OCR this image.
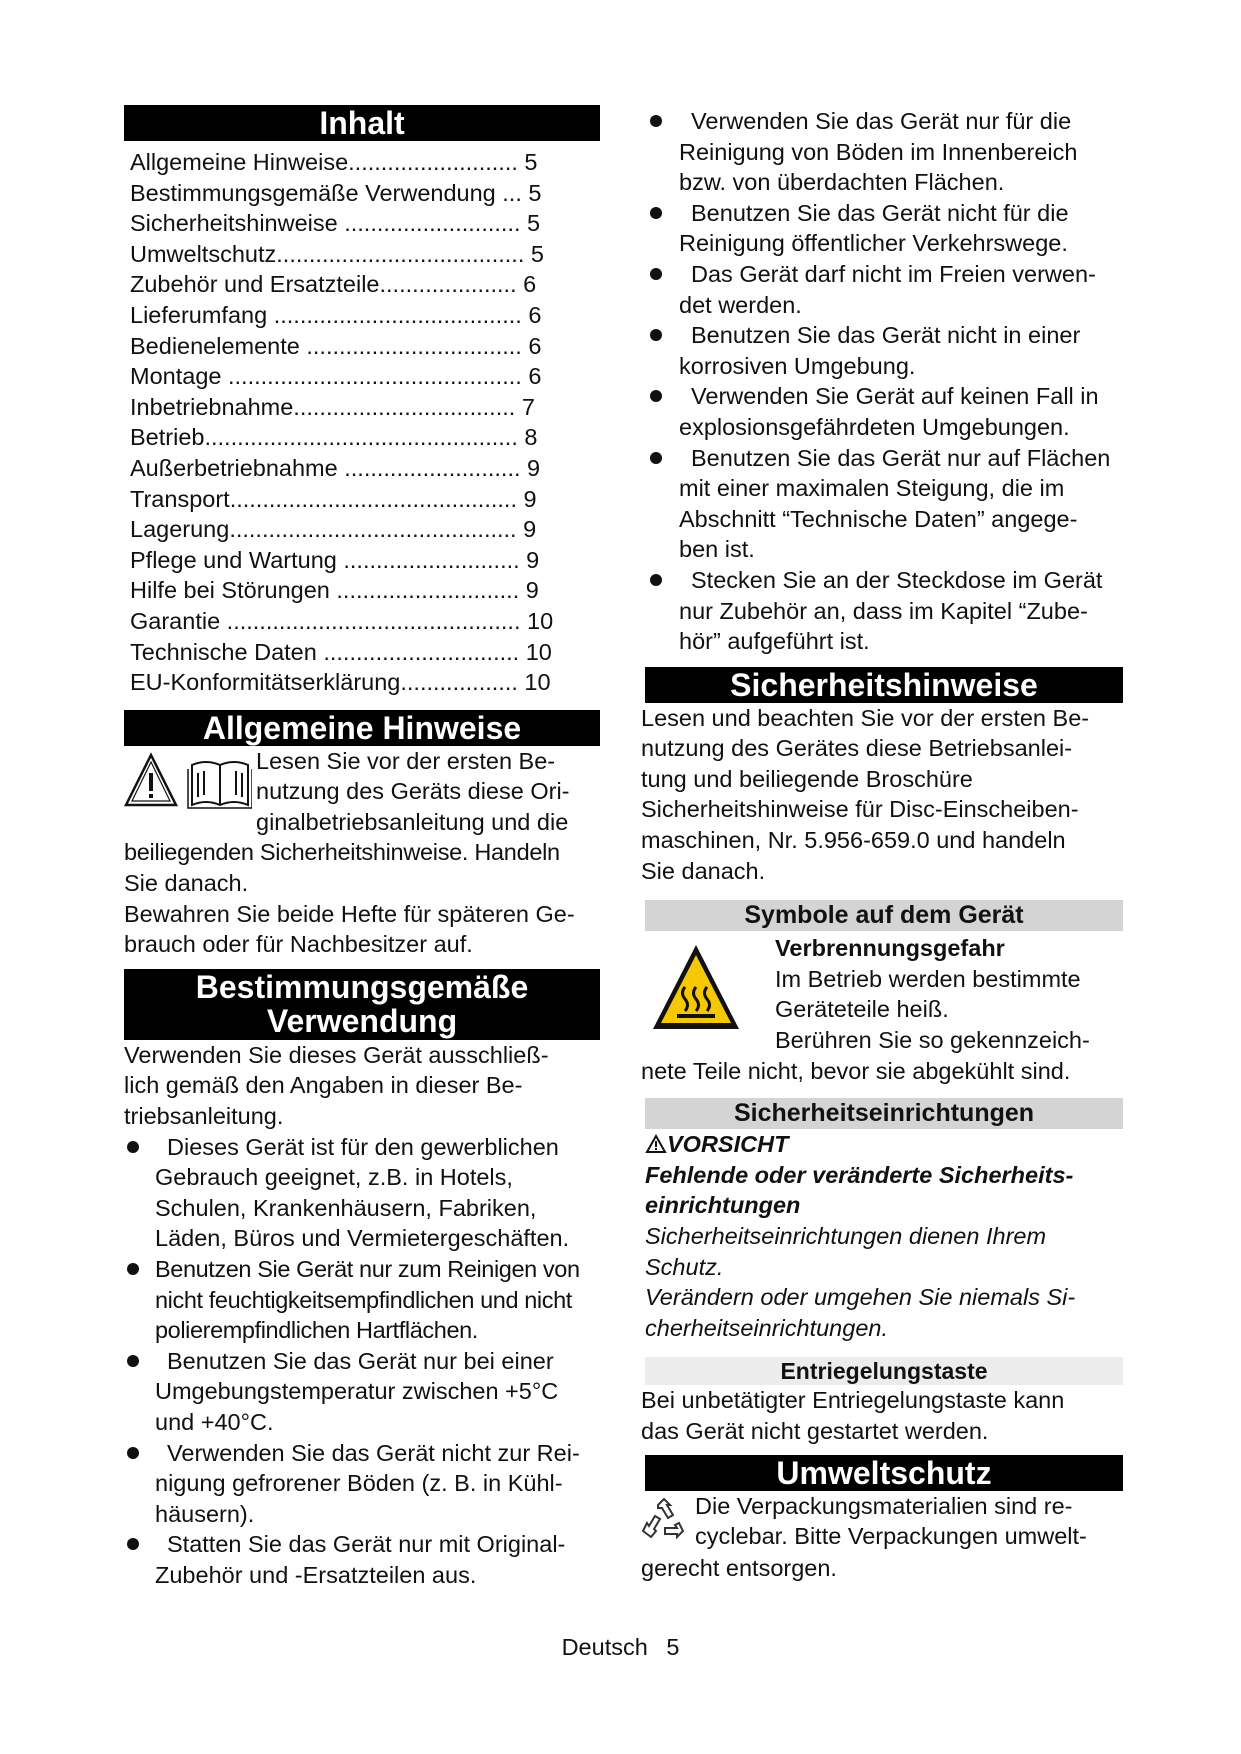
Inhalt
Allgemeine Hinweise.......................... 5
Bestimmungsgemäße Verwendung ... 5
Sicherheitshinweise ........................... 5
Umweltschutz...................................... 5
Zubehör und Ersatzteile..................... 6
Lieferumfang ...................................... 6
Bedienelemente ................................. 6
Montage ............................................. 6
Inbetriebnahme.................................. 7
Betrieb................................................ 8
Außerbetriebnahme ........................... 9
Transport............................................ 9
Lagerung............................................ 9
Pflege und Wartung ........................... 9
Hilfe bei Störungen ............................ 9
Garantie ............................................. 10
Technische Daten .............................. 10
EU-Konformitätserklärung.................. 10
Allgemeine Hinweise

Lesen Sie vor der ersten Be-

nutzung des Geräts diese Ori-

ginalbetriebsanleitung und die

beiliegenden Sicherheitshinweise. Handeln

Sie danach.

Bewahren Sie beide Hefte für späteren Ge-

brauch oder für Nachbesitzer auf.

Bestimmungsgemäße
Verwendung

Verwenden Sie dieses Gerät ausschließ-

lich gemäß den Angaben in dieser Be-

triebsanleitung.

Dieses Gerät ist für den gewerblichen
Gebrauch geeignet, z.B. in Hotels,
Schulen, Krankenhäusern, Fabriken,
Läden, Büros und Vermietergeschäften.
Benutzen Sie Gerät nur zum Reinigen von
nicht feuchtigkeitsempfindlichen und nicht
polierempfindlichen Hartflächen.
Benutzen Sie das Gerät nur bei einer
Umgebungstemperatur zwischen +5°C
und +40°C.
Verwenden Sie das Gerät nicht zur Rei-
nigung gefrorener Böden (z. B. in Kühl-
häusern).
Statten Sie das Gerät nur mit Original-
Zubehör und -Ersatzteilen aus.
Verwenden Sie das Gerät nur für die
Reinigung von Böden im Innenbereich
bzw. von überdachten Flächen.
Benutzen Sie das Gerät nicht für die
Reinigung öffentlicher Verkehrswege.
Das Gerät darf nicht im Freien verwen-
det werden.
Benutzen Sie das Gerät nicht in einer
korrosiven Umgebung.
Verwenden Sie Gerät auf keinen Fall in
explosionsgefährdeten Umgebungen.
Benutzen Sie das Gerät nur auf Flächen
mit einer maximalen Steigung, die im
Abschnitt “Technische Daten” angege-
ben ist.
Stecken Sie an der Steckdose im Gerät
nur Zubehör an, dass im Kapitel “Zube-
hör” aufgeführt ist.
Sicherheitshinweise

Lesen und beachten Sie vor der ersten Be-

nutzung des Gerätes diese Betriebsanlei-

tung und beiliegende Broschüre

Sicherheitshinweise für Disc-Einscheiben-

maschinen, Nr. 5.956-659.0 und handeln

Sie danach.

Symbole auf dem Gerät

Verbrennungsgefahr

Im Betrieb werden bestimmte

Geräteteile heiß.

Berühren Sie so gekennzeich-

nete Teile nicht, bevor sie abgekühlt sind.

Sicherheitseinrichtungen

VORSICHT

Fehlende oder veränderte Sicherheits-

einrichtungen

Sicherheitseinrichtungen dienen Ihrem

Schutz.

Verändern oder umgehen Sie niemals Si-

cherheitseinrichtungen.

Entriegelungstaste

Bei unbetätigter Entriegelungstaste kann

das Gerät nicht gestartet werden.

Umweltschutz

Die Verpackungsmaterialien sind re-

cyclebar. Bitte Verpackungen umwelt-

gerecht entsorgen.

Deutsch 5
